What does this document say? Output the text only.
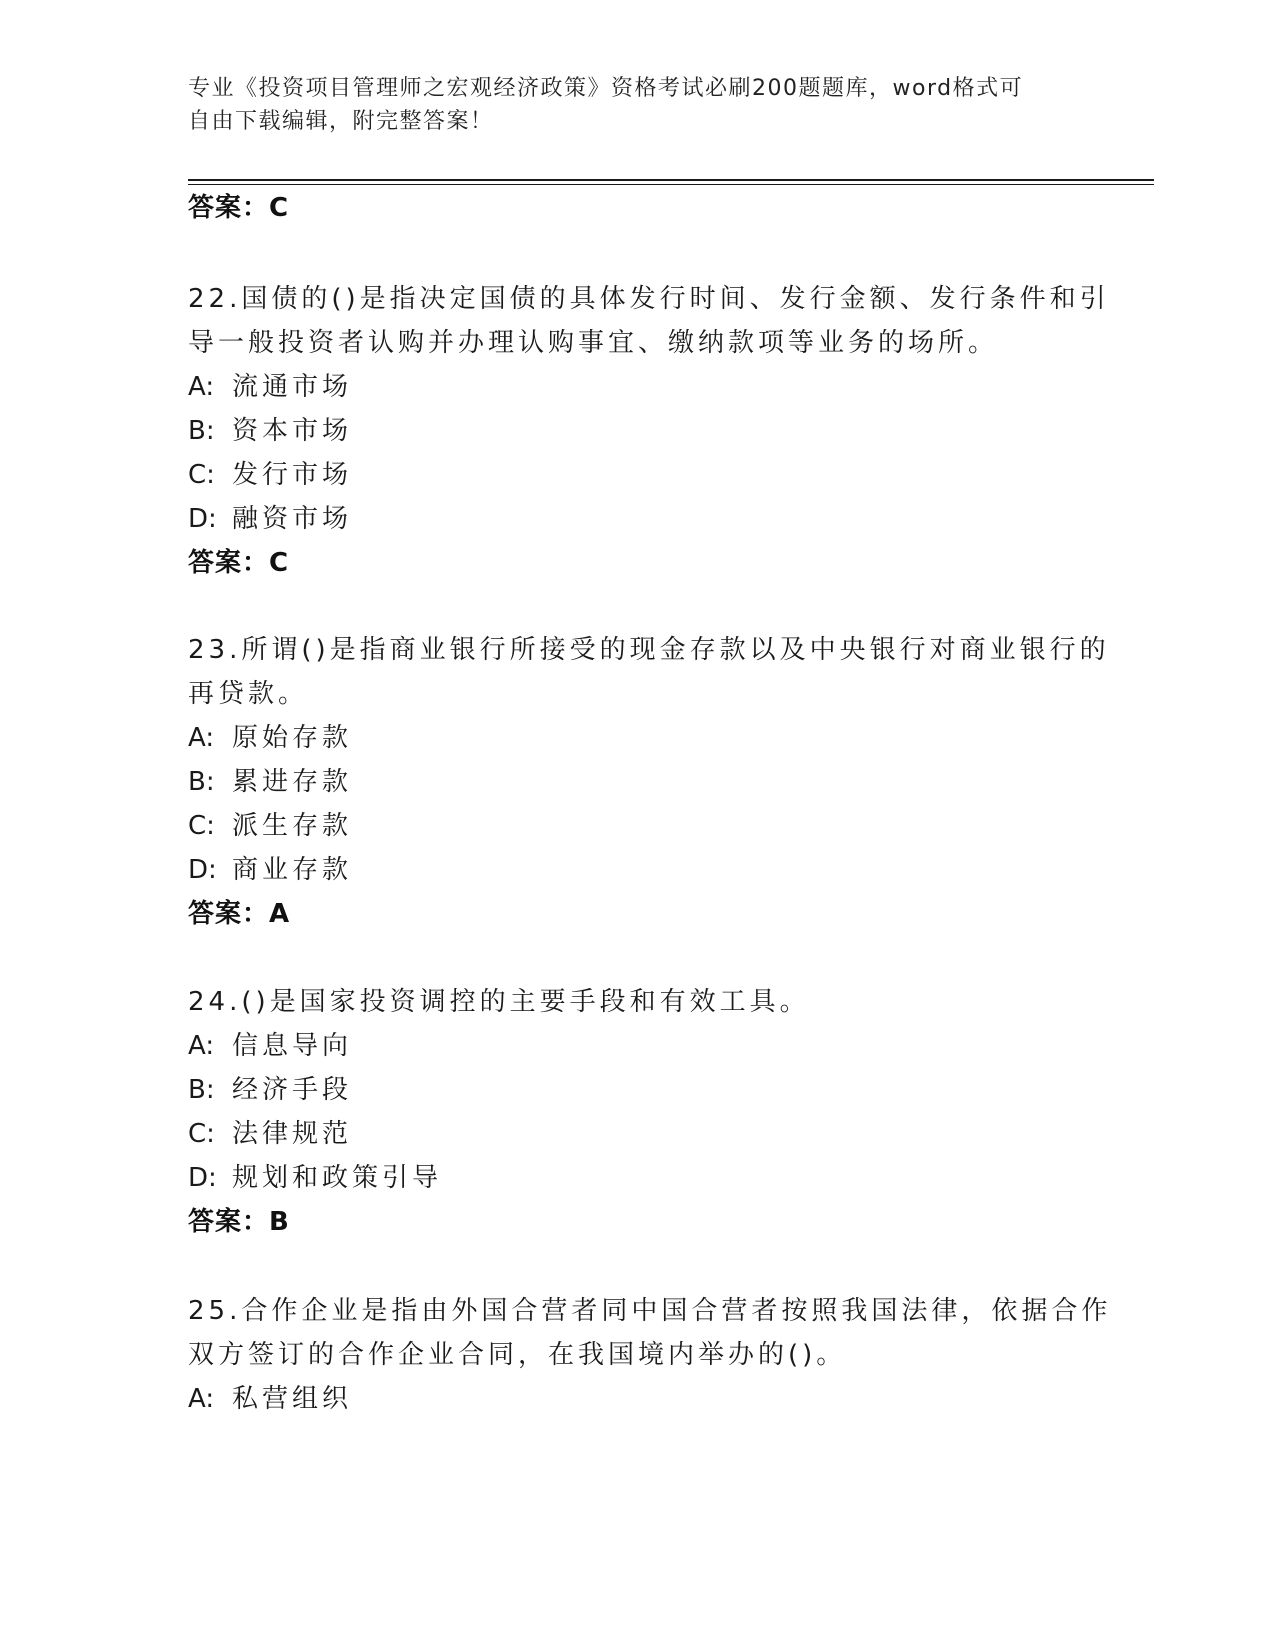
专业《投资项目管理师之宏观经济政策》资格考试必刷200题题库，word格式可
自由下载编辑，附完整答案！
答案：C
22.国债的()是指决定国债的具体发行时间、发行金额、发行条件和引
导一般投资者认购并办理认购事宜、缴纳款项等业务的场所。
A: 流通市场
B: 资本市场
C: 发行市场
D: 融资市场
答案：C
23.所谓()是指商业银行所接受的现金存款以及中央银行对商业银行的
再贷款。
A: 原始存款
B: 累进存款
C: 派生存款
D: 商业存款
答案：A
24.()是国家投资调控的主要手段和有效工具。
A: 信息导向
B: 经济手段
C: 法律规范
D: 规划和政策引导
答案：B
25.合作企业是指由外国合营者同中国合营者按照我国法律，依据合作
双方签订的合作企业合同，在我国境内举办的()。
A: 私营组织
